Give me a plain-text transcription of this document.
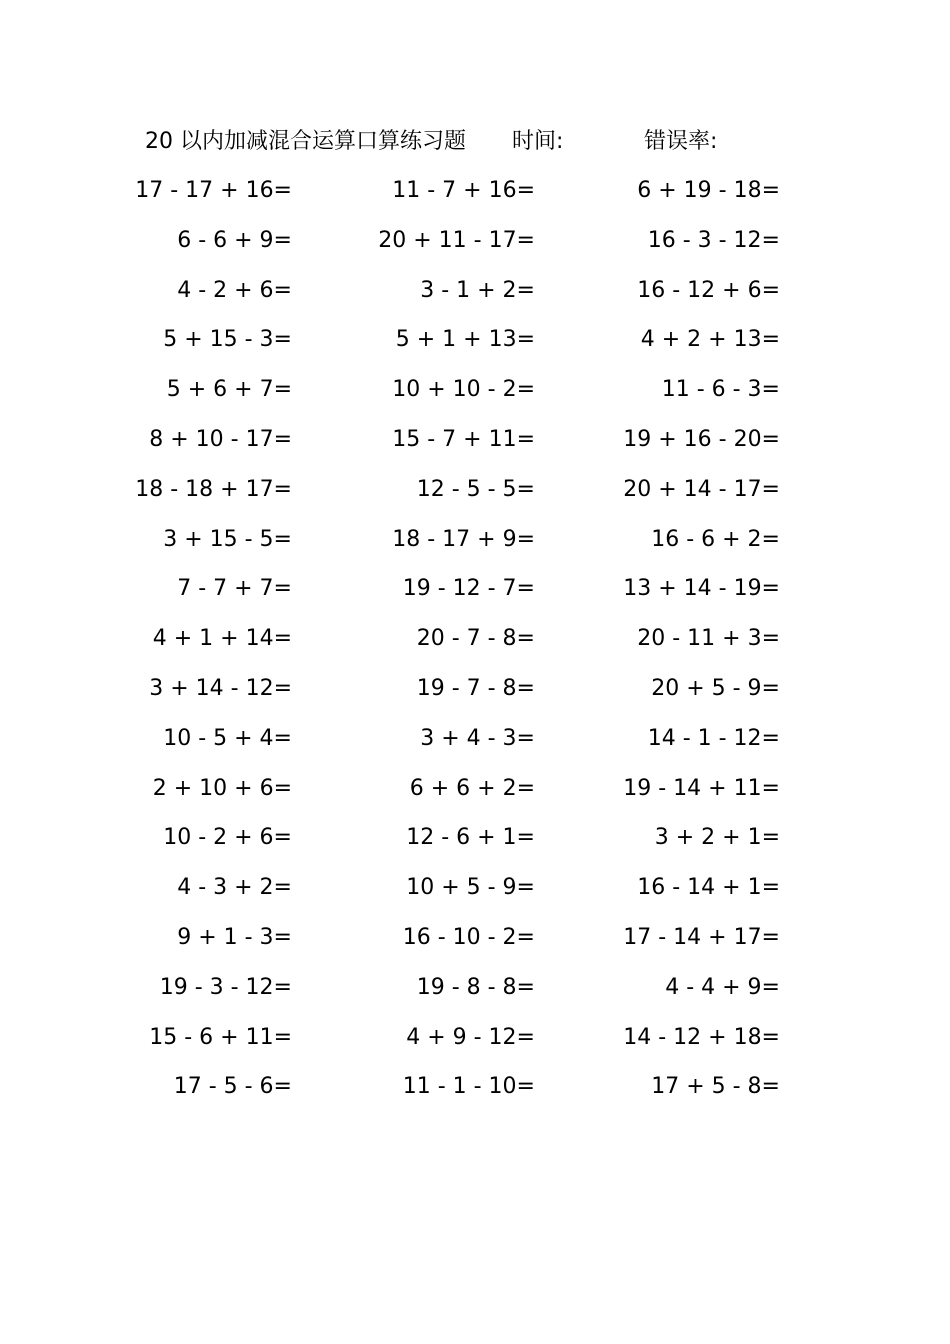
20 以内加减混合运算口算练习题 时间:	错误率:
17 - 17 + 16=	11 - 7 + 16=	6 + 19 - 18=
6 - 6 + 9=	20 + 11 - 17=	16 - 3 - 12=
4 - 2 + 6=	3 - 1 + 2=	16 - 12 + 6=
5 + 15 - 3=	5 + 1 + 13=	4 + 2 + 13=
5 + 6 + 7=	10 + 10 - 2=	11 - 6 - 3=
8 + 10 - 17=	15 - 7 + 11=	19 + 16 - 20=
18 - 18 + 17=	12 - 5 - 5=	20 + 14 - 17=
3 + 15 - 5=	18 - 17 + 9=	16 - 6 + 2=
7 - 7 + 7=	19 - 12 - 7=	13 + 14 - 19=
4 + 1 + 14=	20 - 7 - 8=	20 - 11 + 3=
3 + 14 - 12=	19 - 7 - 8=	20 + 5 - 9=
10 - 5 + 4=	3 + 4 - 3=	14 - 1 - 12=
2 + 10 + 6=	6 + 6 + 2=	19 - 14 + 11=
10 - 2 + 6=	12 - 6 + 1=	3 + 2 + 1=
4 - 3 + 2=	10 + 5 - 9=	16 - 14 + 1=
9 + 1 - 3=	16 - 10 - 2=	17 - 14 + 17=
19 - 3 - 12=	19 - 8 - 8=	4 - 4 + 9=
15 - 6 + 11=	4 + 9 - 12=	14 - 12 + 18=
17 - 5 - 6=	11 - 1 - 10=	17 + 5 - 8=
